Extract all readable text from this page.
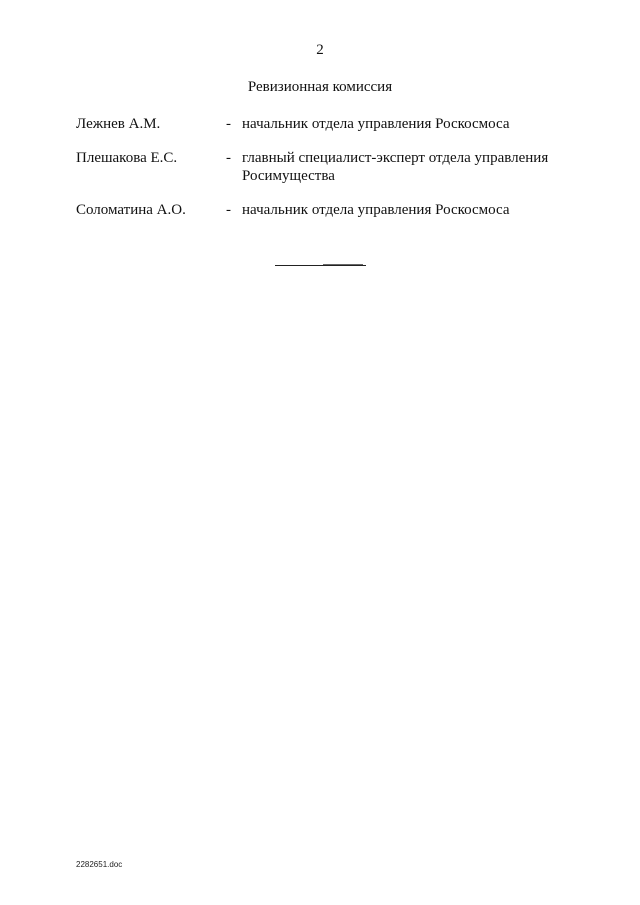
2
Ревизионная комиссия
Лежнев А.М.	- начальник отдела управления Роскосмоса
Плешакова Е.С.	- главный специалист-эксперт отдела управления Росимущества
Соломатина А.О.	- начальник отдела управления Роскосмоса
2282651.doc
